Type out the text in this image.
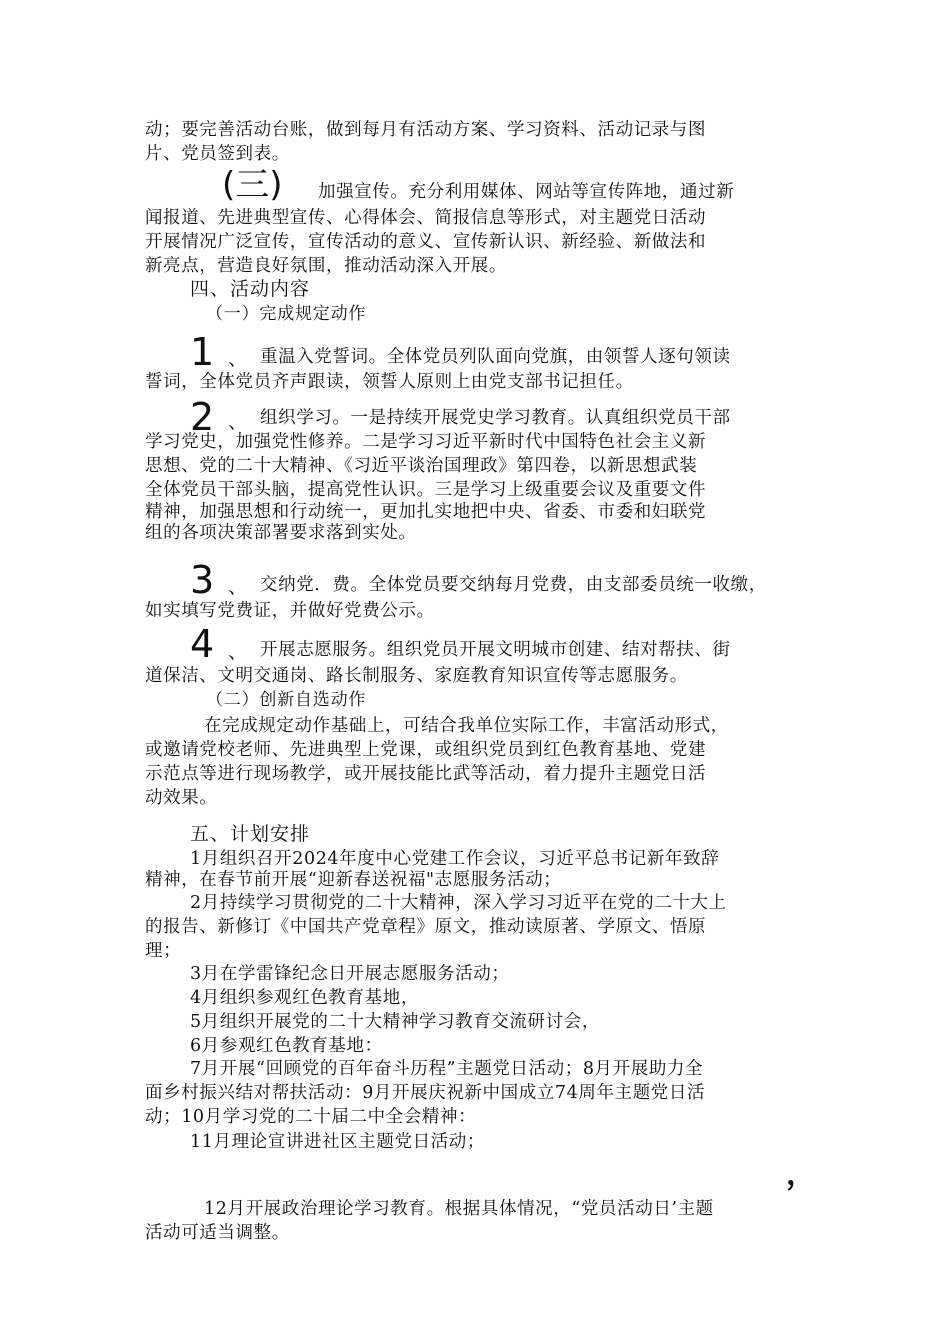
动；要完善活动台账，做到每月有活动方案、学习资料、活动记录与图
片、党员签到表。
(三) 加强宣传。充分利用媒体、网站等宣传阵地，通过新
闻报道、先进典型宣传、心得体会、简报信息等形式，对主题党日活动
开展情况广泛宣传，宣传活动的意义、宣传新认识、新经验、新做法和
新亮点，营造良好氛围，推动活动深入开展。
四、活动内容
（一）完成规定动作
1 、 重温入党誓词。全体党员列队面向党旗，由领誓人逐句领读
誓词，全体党员齐声跟读，领誓人原则上由党支部书记担任。
2 、 组织学习。一是持续开展党史学习教育。认真组织党员干部
学习党史，加强党性修养。二是学习习近平新时代中国特色社会主义新
思想、党的二十大精神、《习近平谈治国理政》第四卷，以新思想武装
全体党员干部头脑，提高党性认识。三是学习上级重要会议及重要文件
精神，加强思想和行动统一，更加扎实地把中央、省委、市委和妇联党
组的各项决策部署要求落到实处。
3 、 交纳党．费。全体党员要交纳每月党费，由支部委员统一收缴，
如实填写党费证，并做好党费公示。
4 、 开展志愿服务。组织党员开展文明城市创建、结对帮扶、街
道保洁、文明交通岗、路长制服务、家庭教育知识宣传等志愿服务。
（二）创新自选动作
在完成规定动作基础上，可结合我单位实际工作，丰富活动形式，
或邀请党校老师、先进典型上党课，或组织党员到红色教育基地、党建
示范点等进行现场教学，或开展技能比武等活动，着力提升主题党日活
动效果。
五、计划安排
1月组织召开2024年度中心党建工作会议，习近平总书记新年致辞
精神，在春节前开展“迎新春送祝福"志愿服务活动；
2月持续学习贯彻党的二十大精神，深入学习习近平在党的二十大上
的报告、新修订《中国共产党章程》原文，推动读原著、学原文、悟原
理；
3月在学雷锋纪念日开展志愿服务活动；
4月组织参观红色教育基地，
5月组织开展党的二十大精神学习教育交流研讨会，
6月参观红色教育基地：
7月开展“回顾党的百年奋斗历程”主题党日活动；8月开展助力全
面乡村振兴结对帮扶活动：9月开展庆祝新中国成立74周年主题党日活
动；10月学习党的二十届二中全会精神：
11月理论宣讲进社区主题党日活动；
，
12月开展政治理论学习教育。根据具体情况，“党员活动日’主题
活动可适当调整。
